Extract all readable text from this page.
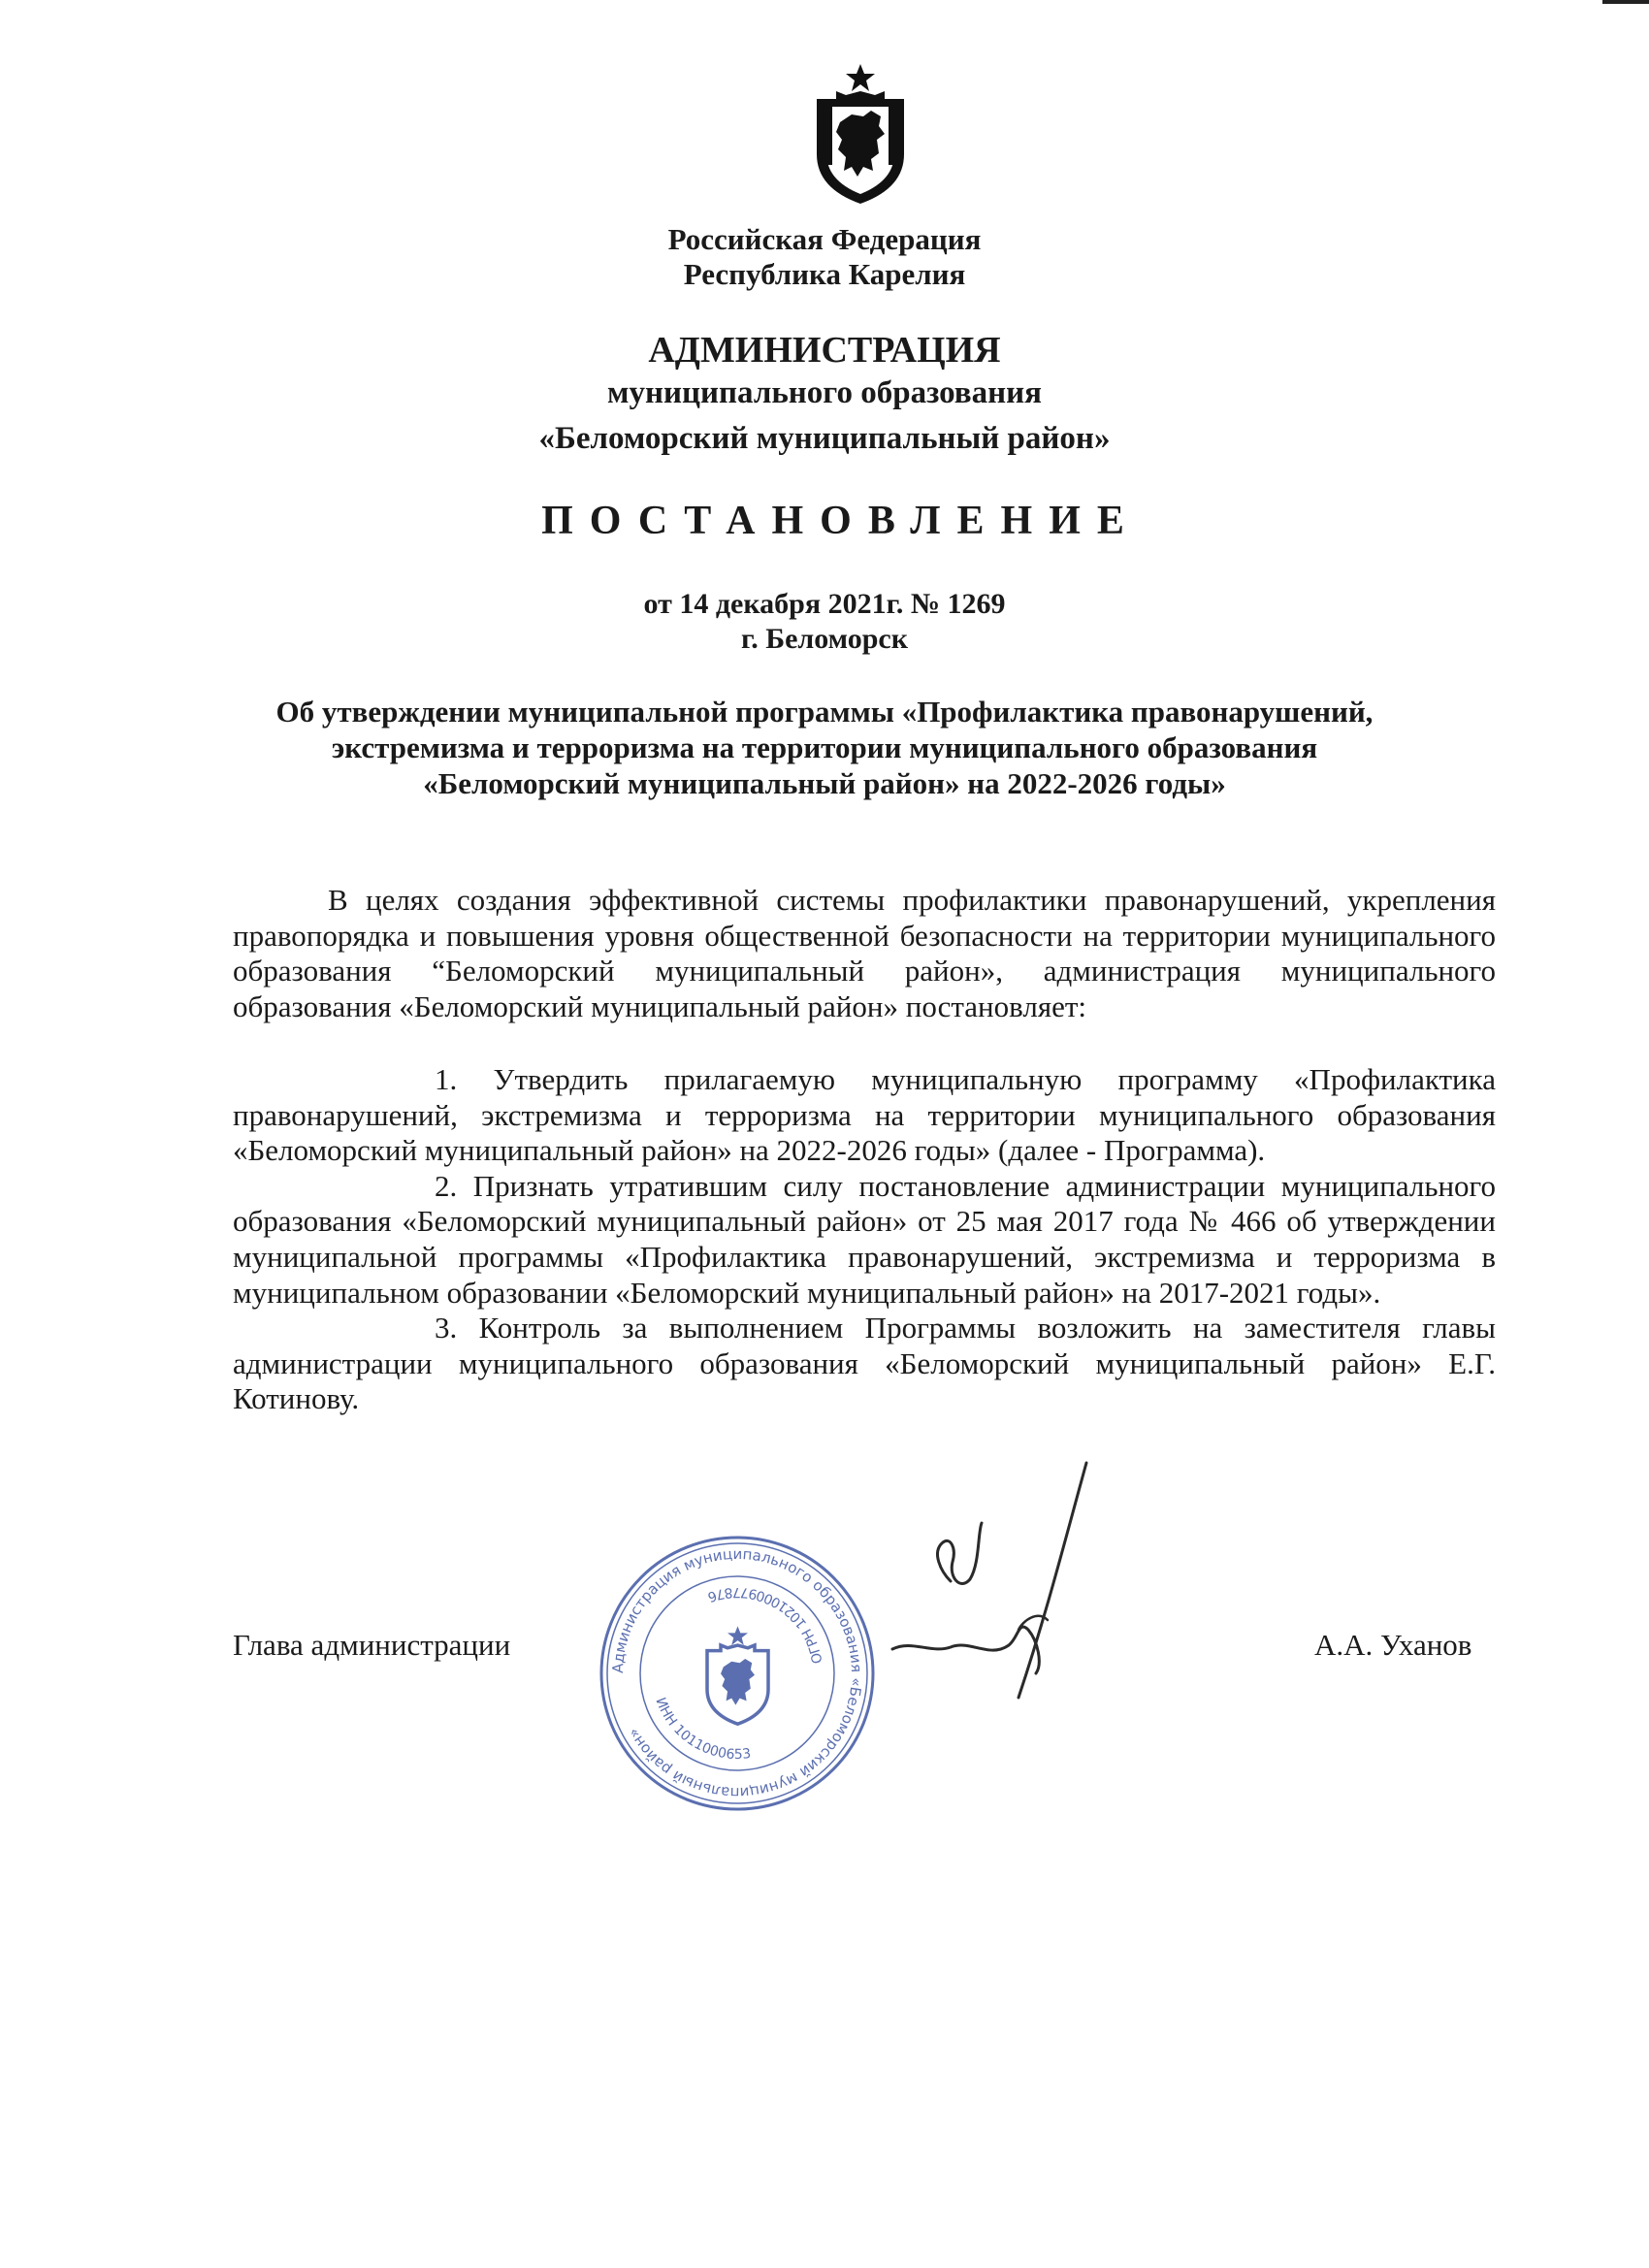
Российская Федерация
Республика Карелия
АДМИНИСТРАЦИЯ
муниципального образования
«Беломорский муниципальный район»
ПОСТАНОВЛЕНИЕ
от 14 декабря 2021г. № 1269
г. Беломорск
Об утверждении муниципальной программы «Профилактика правонарушений,
экстремизма и терроризма на территории муниципального образования
«Беломорский муниципальный район» на 2022-2026 годы»

В целях создания эффективной системы профилактики правонарушений, укрепления правопорядка и повышения уровня общественной безопасности на территории муниципального образования “Беломорский муниципальный район», администрация муниципального образования «Беломорский муниципальный район» постановляет:

1. Утвердить прилагаемую муниципальную программу «Профилактика правонарушений, экстремизма и терроризма на территории муниципального образования «Беломорский муниципальный район» на 2022-2026 годы» (далее - Программа).

2. Признать утратившим силу постановление администрации муниципального образования «Беломорский муниципальный район» от 25 мая 2017 года № 466 об утверждении муниципальной программы «Профилактика правонарушений, экстремизма и терроризма в муниципальном образовании «Беломорский муниципальный район» на 2017-2021 годы».

3. Контроль за выполнением Программы возложить на заместителя главы администрации муниципального образования «Беломорский муниципальный район» Е.Г. Котинову.

Администрация муниципального образования «Беломорский муниципальный район»
ИНН 1011000653
ОГРН 1021000977876
Глава администрации	А.А. Уханов
